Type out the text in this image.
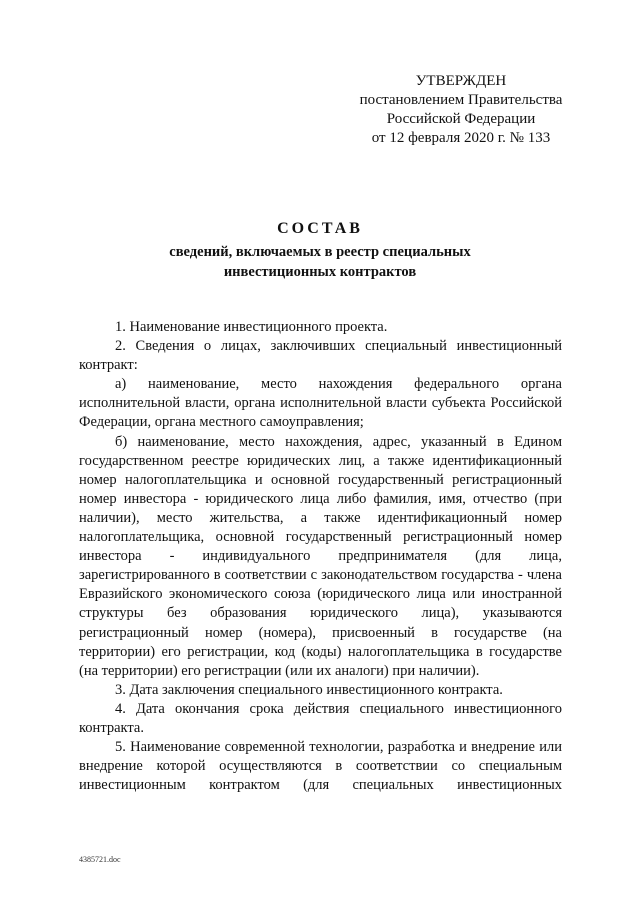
УТВЕРЖДЕН
постановлением Правительства
Российской Федерации
от 12 февраля 2020 г. № 133
СОСТАВ
сведений, включаемых в реестр специальных
инвестиционных контрактов

1. Наименование инвестиционного проекта.

2. Сведения о лицах, заключивших специальный инвестиционный контракт:

а) наименование, место нахождения федерального органа исполнительной власти, органа исполнительной власти субъекта Российской Федерации, органа местного самоуправления;

б) наименование, место нахождения, адрес, указанный в Едином государственном реестре юридических лиц, а также идентификационный номер налогоплательщика и основной государственный регистрационный номер инвестора - юридического лица либо фамилия, имя, отчество (при наличии), место жительства, а также идентификационный номер налогоплательщика, основной государственный регистрационный номер инвестора - индивидуального предпринимателя (для лица, зарегистрированного в соответствии с законодательством государства - члена Евразийского экономического союза (юридического лица или иностранной структуры без образования юридического лица), указываются регистрационный номер (номера), присвоенный в государстве (на территории) его регистрации, код (коды) налогоплательщика в государстве (на территории) его регистрации (или их аналоги) при наличии).

3. Дата заключения специального инвестиционного контракта.

4. Дата окончания срока действия специального инвестиционного контракта.

5. Наименование современной технологии, разработка и внедрение или внедрение которой осуществляются в соответствии со специальным инвестиционным контрактом (для специальных инвестиционных

4385721.doc
